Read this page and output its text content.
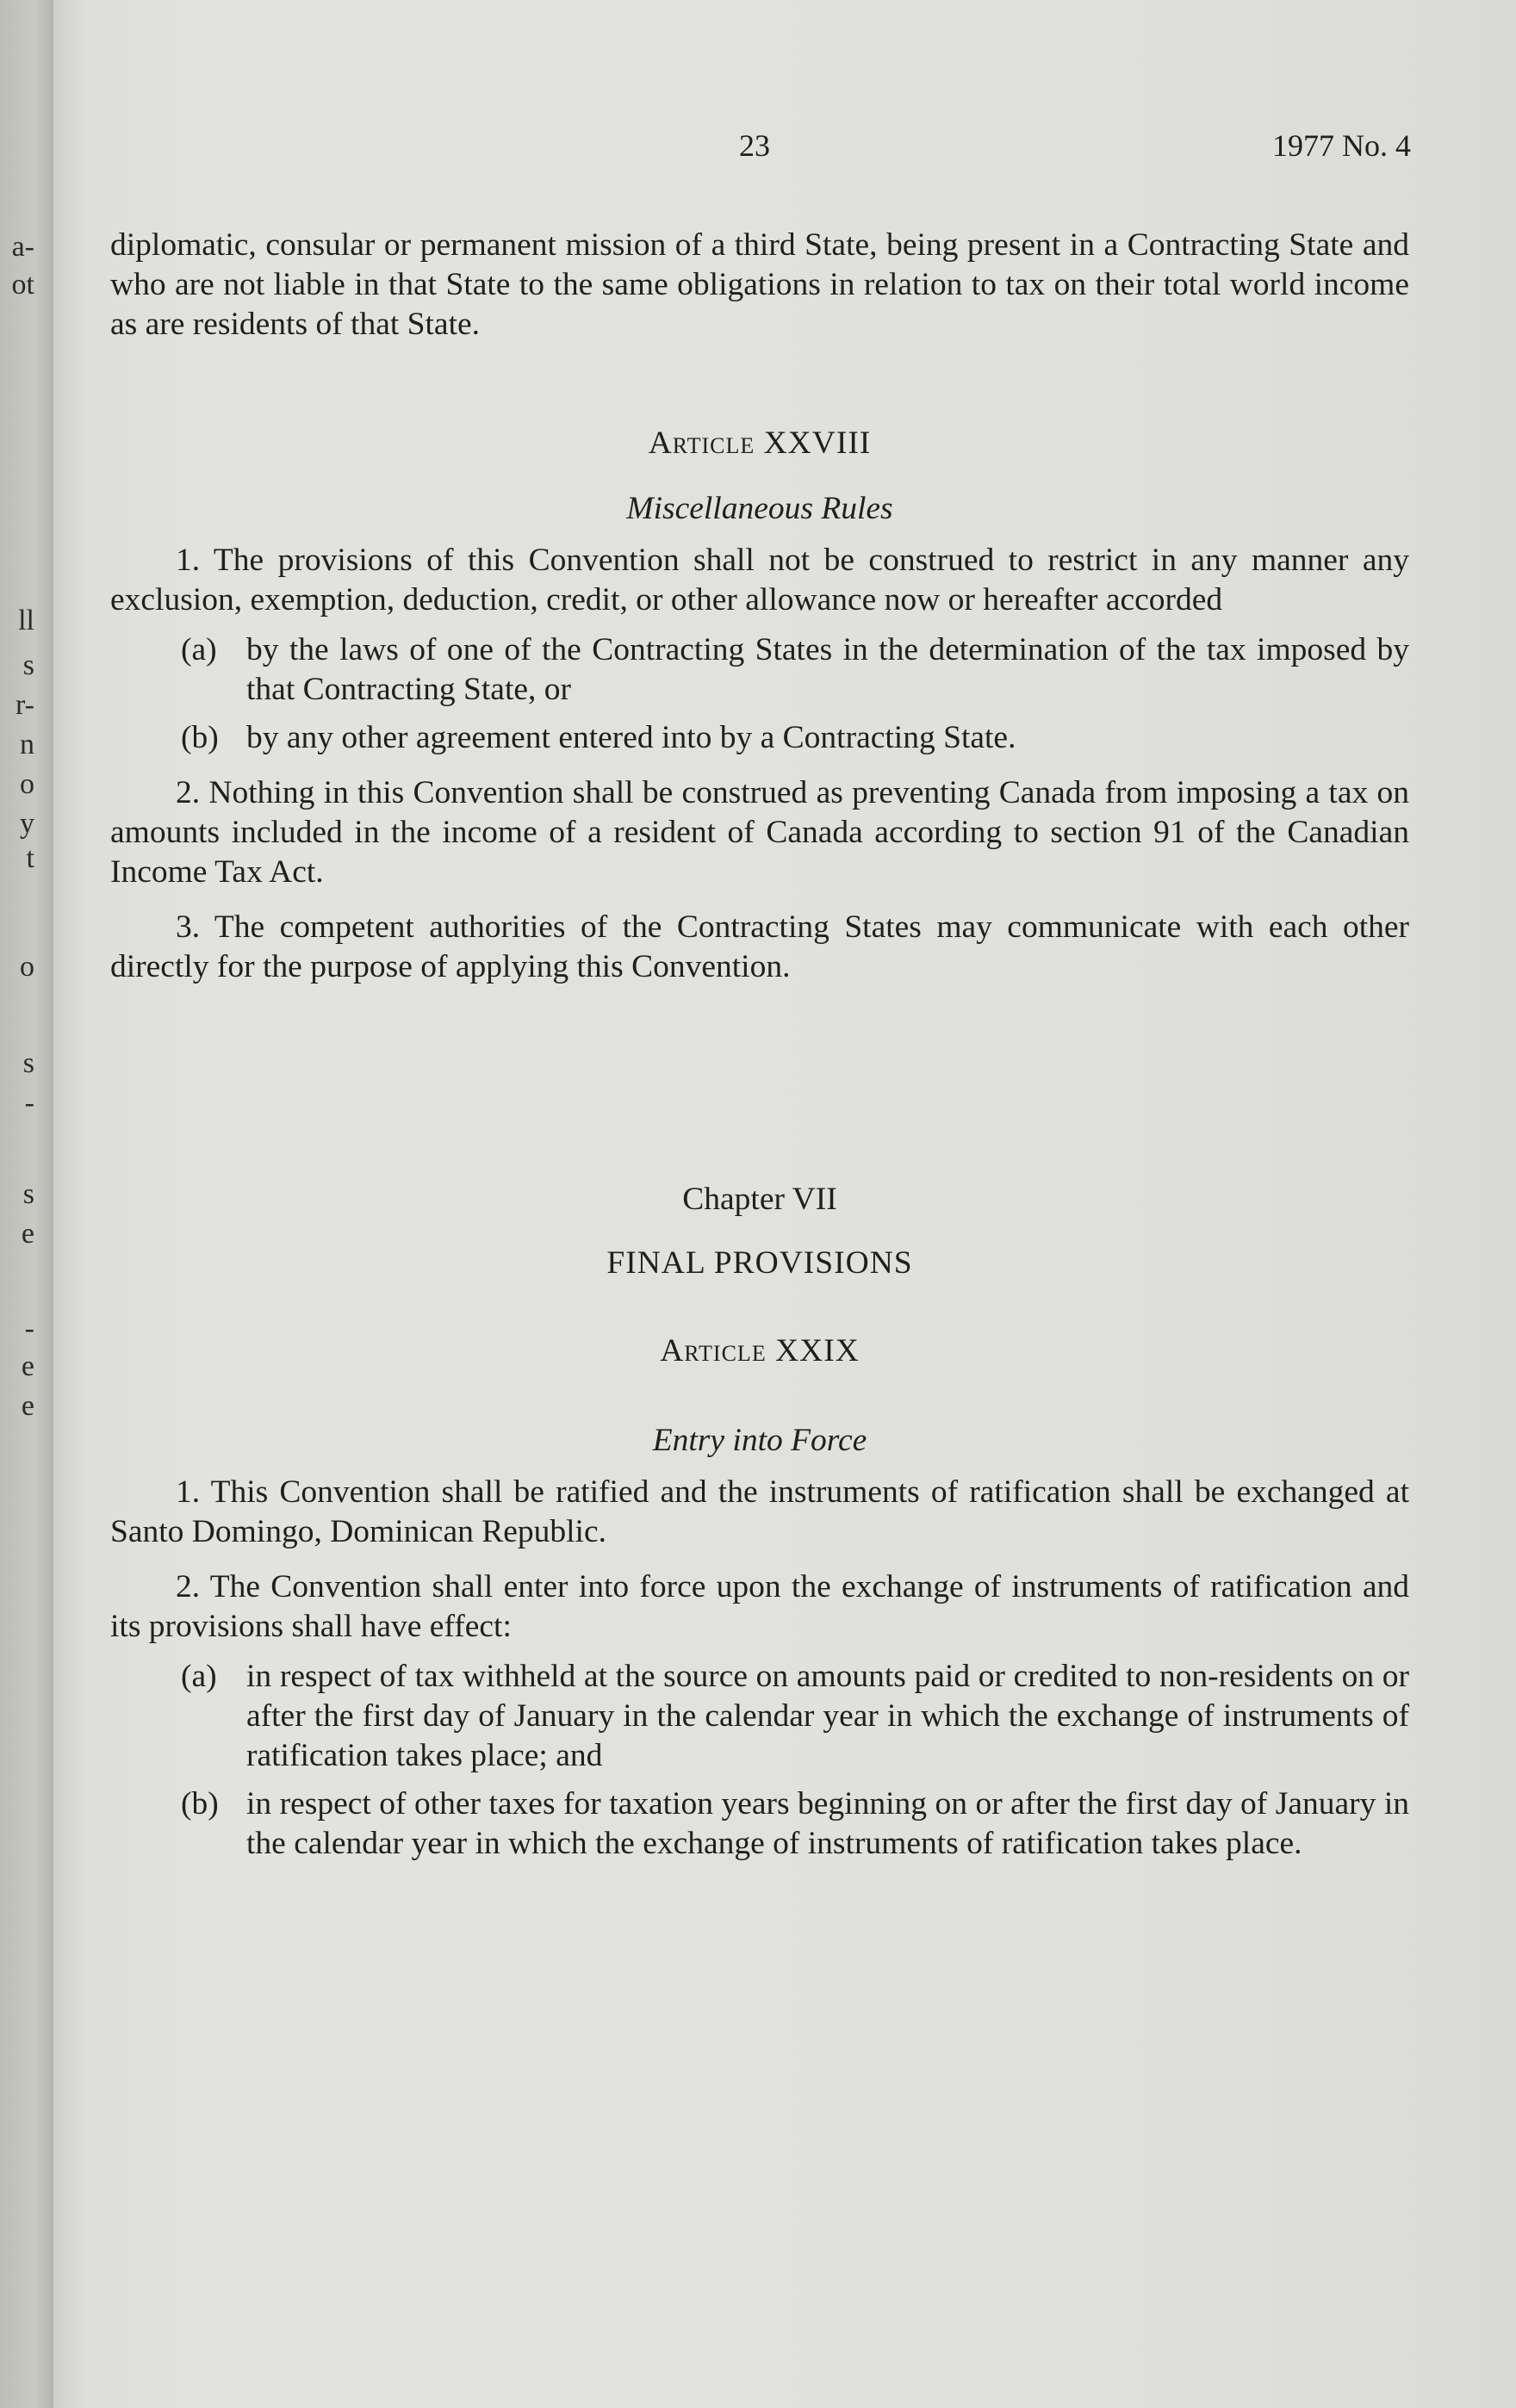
a-
ot
ll
s
r-
n
o
y
t
o
s
-
s
e
-
e
e
23	1977 No. 4

diplomatic, consular or permanent mission of a third State, being present in a Contracting State and who are not liable in that State to the same obligations in relation to tax on their total world income as are residents of that State.

Article XXVIII

Miscellaneous Rules

1. The provisions of this Convention shall not be construed to restrict in any manner any exclusion, exemption, deduction, credit, or other allowance now or hereafter accorded

(a) by the laws of one of the Contracting States in the determination of the tax imposed by that Contracting State, or
(b) by any other agreement entered into by a Contracting State.

2. Nothing in this Convention shall be construed as preventing Canada from imposing a tax on amounts included in the income of a resident of Canada according to section 91 of the Canadian Income Tax Act.

3. The competent authorities of the Contracting States may communicate with each other directly for the purpose of applying this Convention.

Chapter VII

FINAL PROVISIONS

Article XXIX

Entry into Force

1. This Convention shall be ratified and the instruments of ratification shall be exchanged at Santo Domingo, Dominican Republic.

2. The Convention shall enter into force upon the exchange of instruments of ratification and its provisions shall have effect:

(a) in respect of tax withheld at the source on amounts paid or credited to non-residents on or after the first day of January in the calendar year in which the exchange of instruments of ratification takes place; and
(b) in respect of other taxes for taxation years beginning on or after the first day of January in the calendar year in which the exchange of instruments of ratification takes place.
